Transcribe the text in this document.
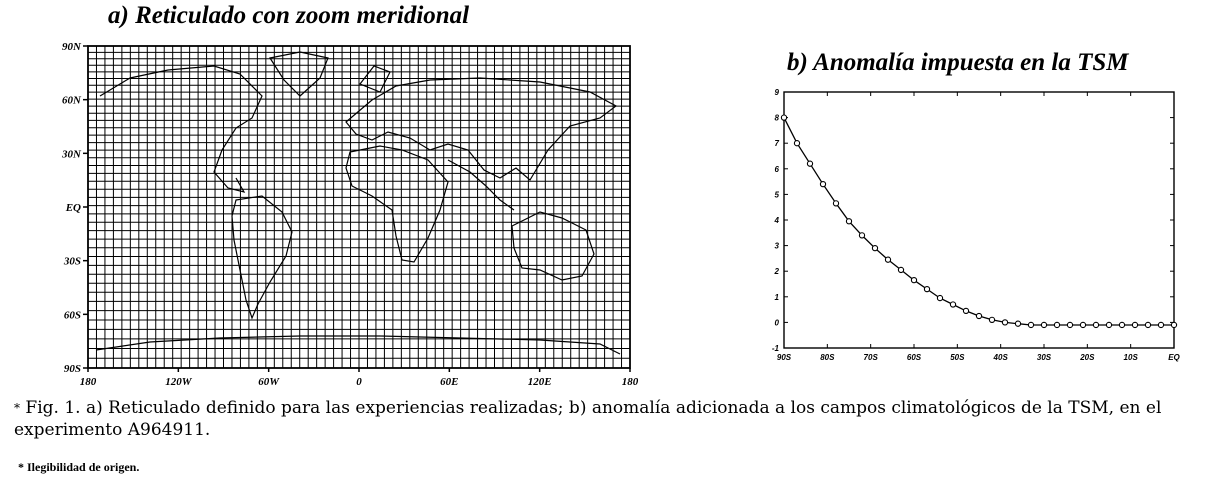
a) Reticulado con zoom meridional
b) Anomalía impuesta en la TSM
90N
60N
30N
EQ
30S
60S
90S
180	120W	60W	0	60E	120E	180
9
8
7
6
5
4
3
2
1
0
-1
90S	80S	70S	60S	50S	40S	30S	20S	10S	EQ
* Fig. 1. a) Reticulado definido para las experiencias realizadas; b) anomalía adicionada a los campos climatológicos de la TSM, en el experimento A964911.
* Ilegibilidad de origen.
